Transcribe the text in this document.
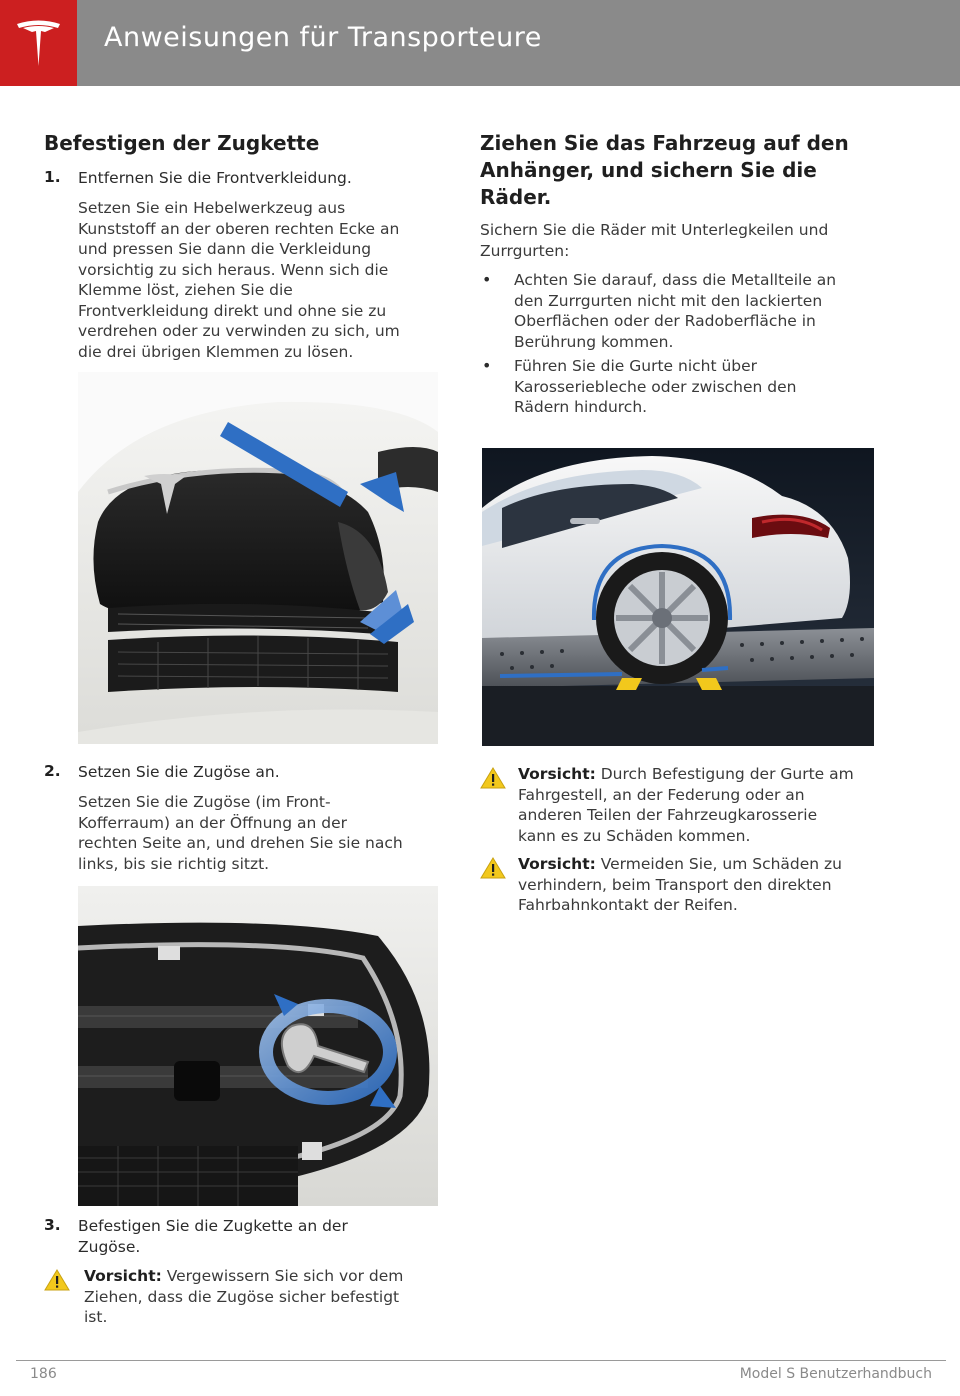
Anweisungen für Transporteure
Befestigen der Zugkette
1. Entfernen Sie die Frontverkleidung.
Setzen Sie ein Hebelwerkzeug aus
Kunststoff an der oberen rechten Ecke an
und pressen Sie dann die Verkleidung
vorsichtig zu sich heraus. Wenn sich die
Klemme löst, ziehen Sie die
Frontverkleidung direkt und ohne sie zu
verdrehen oder zu verwinden zu sich, um
die drei übrigen Klemmen zu lösen.
2. Setzen Sie die Zugöse an.
Setzen Sie die Zugöse (im Front-
Kofferraum) an der Öffnung an der
rechten Seite an, und drehen Sie sie nach
links, bis sie richtig sitzt.
3. Befestigen Sie die Zugkette an der
Zugöse.
Vorsicht: Vergewissern Sie sich vor dem
Ziehen, dass die Zugöse sicher befestigt
ist.
Ziehen Sie das Fahrzeug auf den
Anhänger, und sichern Sie die
Räder.
Sichern Sie die Räder mit Unterlegkeilen und
Zurrgurten:
• Achten Sie darauf, dass die Metallteile an
den Zurrgurten nicht mit den lackierten
Oberflächen oder der Radoberfläche in
Berührung kommen.
• Führen Sie die Gurte nicht über
Karosseriebleche oder zwischen den
Rädern hindurch.
Vorsicht: Durch Befestigung der Gurte am
Fahrgestell, an der Federung oder an
anderen Teilen der Fahrzeugkarosserie
kann es zu Schäden kommen.
Vorsicht: Vermeiden Sie, um Schäden zu
verhindern, beim Transport den direkten
Fahrbahnkontakt der Reifen.
186	Model S Benutzerhandbuch
